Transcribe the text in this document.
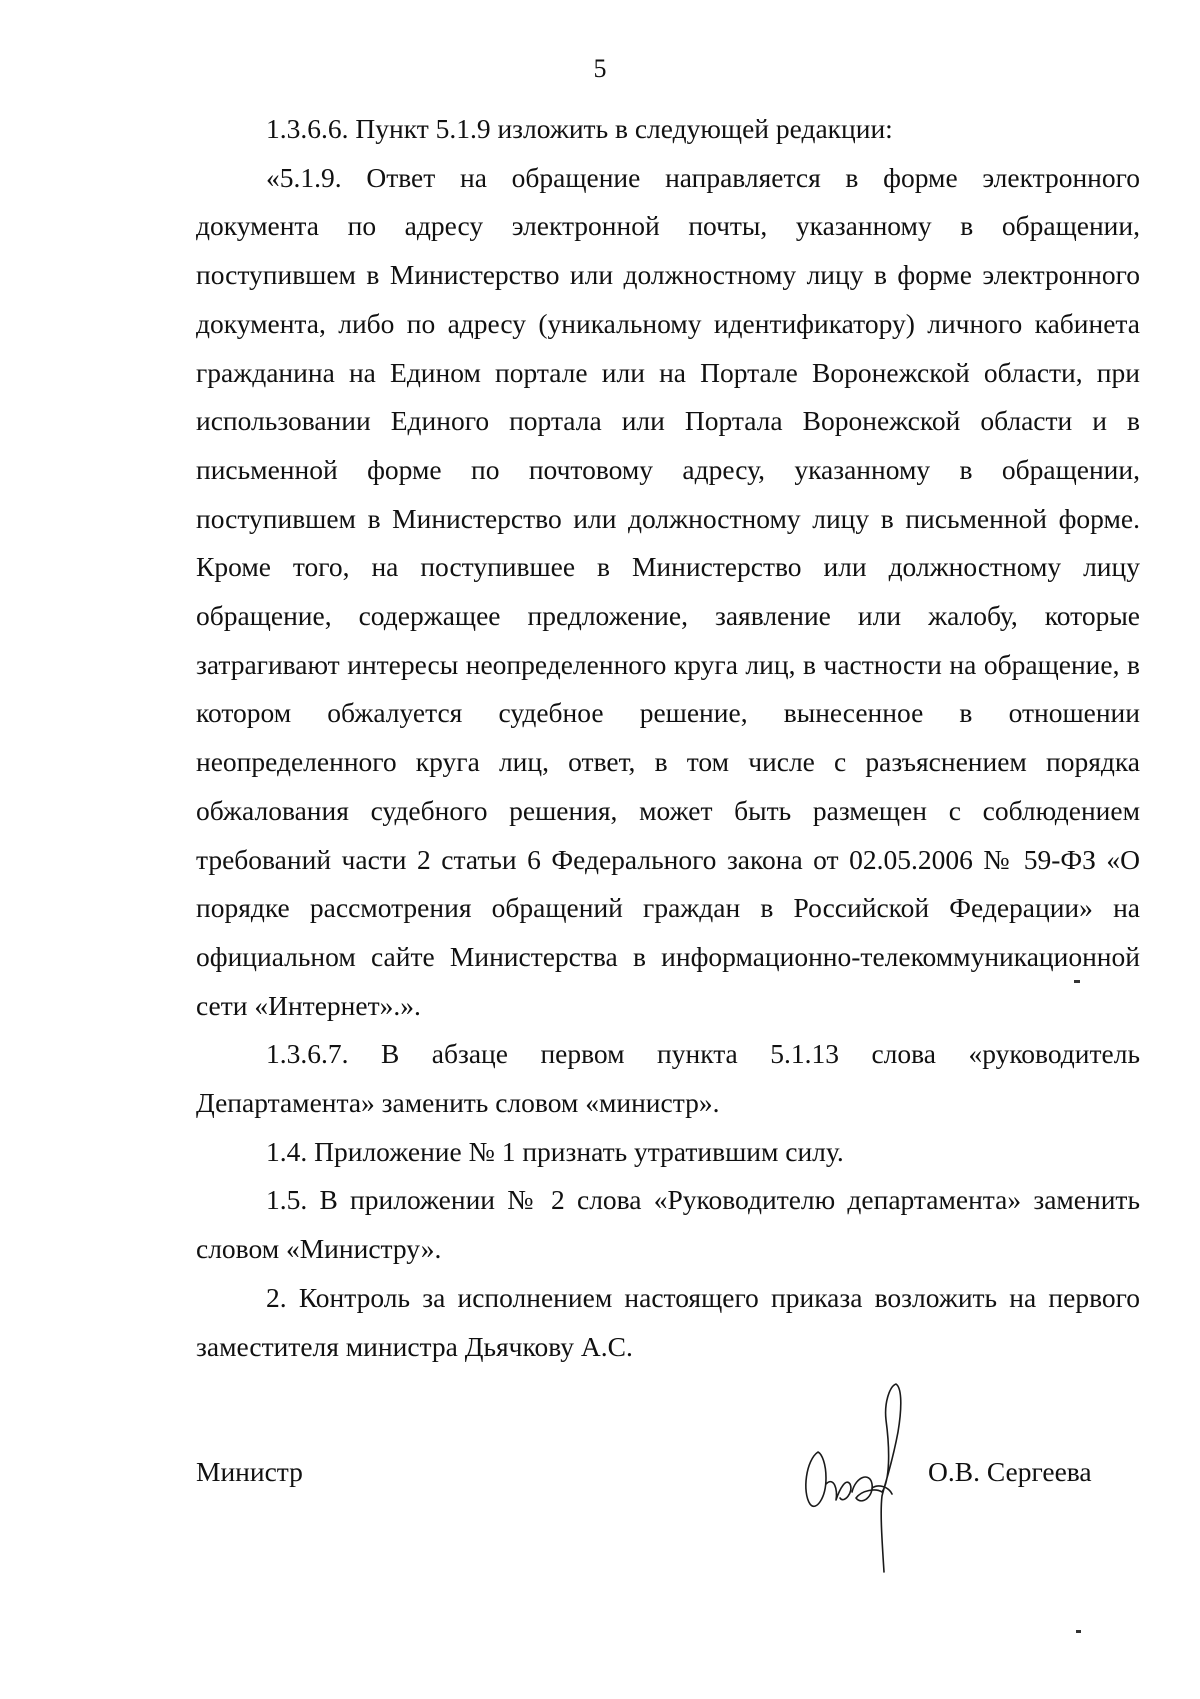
5

1.3.6.6. Пункт 5.1.9 изложить в следующей редакции:

«5.1.9. Ответ на обращение направляется в форме электронного документа по адресу электронной почты, указанному в обращении, поступившем в Министерство или должностному лицу в форме электронного документа, либо по адресу (уникальному идентификатору) личного кабинета гражданина на Едином портале или на Портале Воронежской области, при использовании Единого портала или Портала Воронежской области и в письменной форме по почтовому адресу, указанному в обращении, поступившем в Министерство или должностному лицу в письменной форме. Кроме того, на поступившее в Министерство или должностному лицу обращение, содержащее предложение, заявление или жалобу, которые затрагивают интересы неопределенного круга лиц, в частности на обращение, в котором обжалуется судебное решение, вынесенное в отношении неопределенного круга лиц, ответ, в том числе с разъяснением порядка обжалования судебного решения, может быть размещен с соблюдением требований части 2 статьи 6 Федерального закона от 02.05.2006 № 59-ФЗ «О порядке рассмотрения обращений граждан в Российской Федерации» на официальном сайте Министерства в информационно-телекоммуникационной сети «Интернет».».

1.3.6.7. В абзаце первом пункта 5.1.13 слова «руководитель Департамента» заменить словом «министр».

1.4. Приложение № 1 признать утратившим силу.

1.5. В приложении № 2 слова «Руководителю департамента» заменить словом «Министру».

2. Контроль за исполнением настоящего приказа возложить на первого заместителя министра Дьячкову А.С.

Министр	О.В. Сергеева
